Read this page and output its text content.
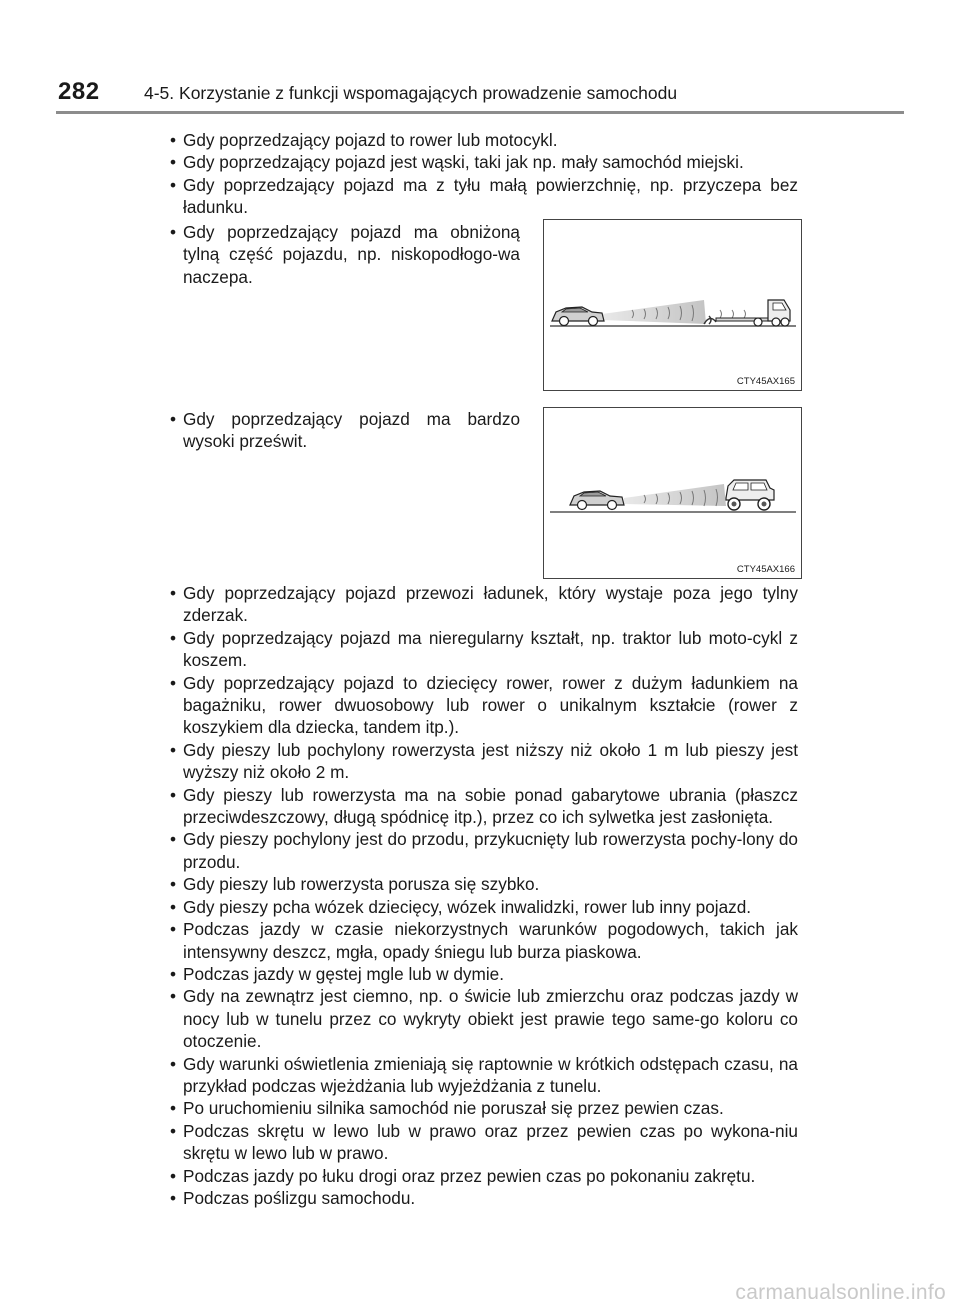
282	4-5. Korzystanie z funkcji wspomagających prowadzenie samochodu
• Gdy poprzedzający pojazd to rower lub motocykl.
• Gdy poprzedzający pojazd jest wąski, taki jak np. mały samochód miejski.
• Gdy poprzedzający pojazd ma z tyłu małą powierzchnię, np. przyczepa bez ładunku.
• Gdy poprzedzający pojazd ma obniżoną tylną część pojazdu, np. niskopodłogo-wa naczepa.
CTY45AX165
• Gdy poprzedzający pojazd ma bardzo wysoki prześwit.
CTY45AX166
• Gdy poprzedzający pojazd przewozi ładunek, który wystaje poza jego tylny zderzak.
• Gdy poprzedzający pojazd ma nieregularny kształt, np. traktor lub moto-cykl z koszem.
• Gdy poprzedzający pojazd to dziecięcy rower, rower z dużym ładunkiem na bagażniku, rower dwuosobowy lub rower o unikalnym kształcie (rower z koszykiem dla dziecka, tandem itp.).
• Gdy pieszy lub pochylony rowerzysta jest niższy niż około 1 m lub pieszy jest wyższy niż około 2 m.
• Gdy pieszy lub rowerzysta ma na sobie ponad gabarytowe ubrania (płaszcz przeciwdeszczowy, długą spódnicę itp.), przez co ich sylwetka jest zasłonięta.
• Gdy pieszy pochylony jest do przodu, przykucnięty lub rowerzysta pochy-lony do przodu.
• Gdy pieszy lub rowerzysta porusza się szybko.
• Gdy pieszy pcha wózek dziecięcy, wózek inwalidzki, rower lub inny pojazd.
• Podczas jazdy w czasie niekorzystnych warunków pogodowych, takich jak intensywny deszcz, mgła, opady śniegu lub burza piaskowa.
• Podczas jazdy w gęstej mgle lub w dymie.
• Gdy na zewnątrz jest ciemno, np. o świcie lub zmierzchu oraz podczas jazdy w nocy lub w tunelu przez co wykryty obiekt jest prawie tego same-go koloru co otoczenie.
• Gdy warunki oświetlenia zmieniają się raptownie w krótkich odstępach czasu, na przykład podczas wjeżdżania lub wyjeżdżania z tunelu.
• Po uruchomieniu silnika samochód nie poruszał się przez pewien czas.
• Podczas skrętu w lewo lub w prawo oraz przez pewien czas po wykona-niu skrętu w lewo lub w prawo.
• Podczas jazdy po łuku drogi oraz przez pewien czas po pokonaniu zakrętu.
• Podczas poślizgu samochodu.
carmanualsonline.info
